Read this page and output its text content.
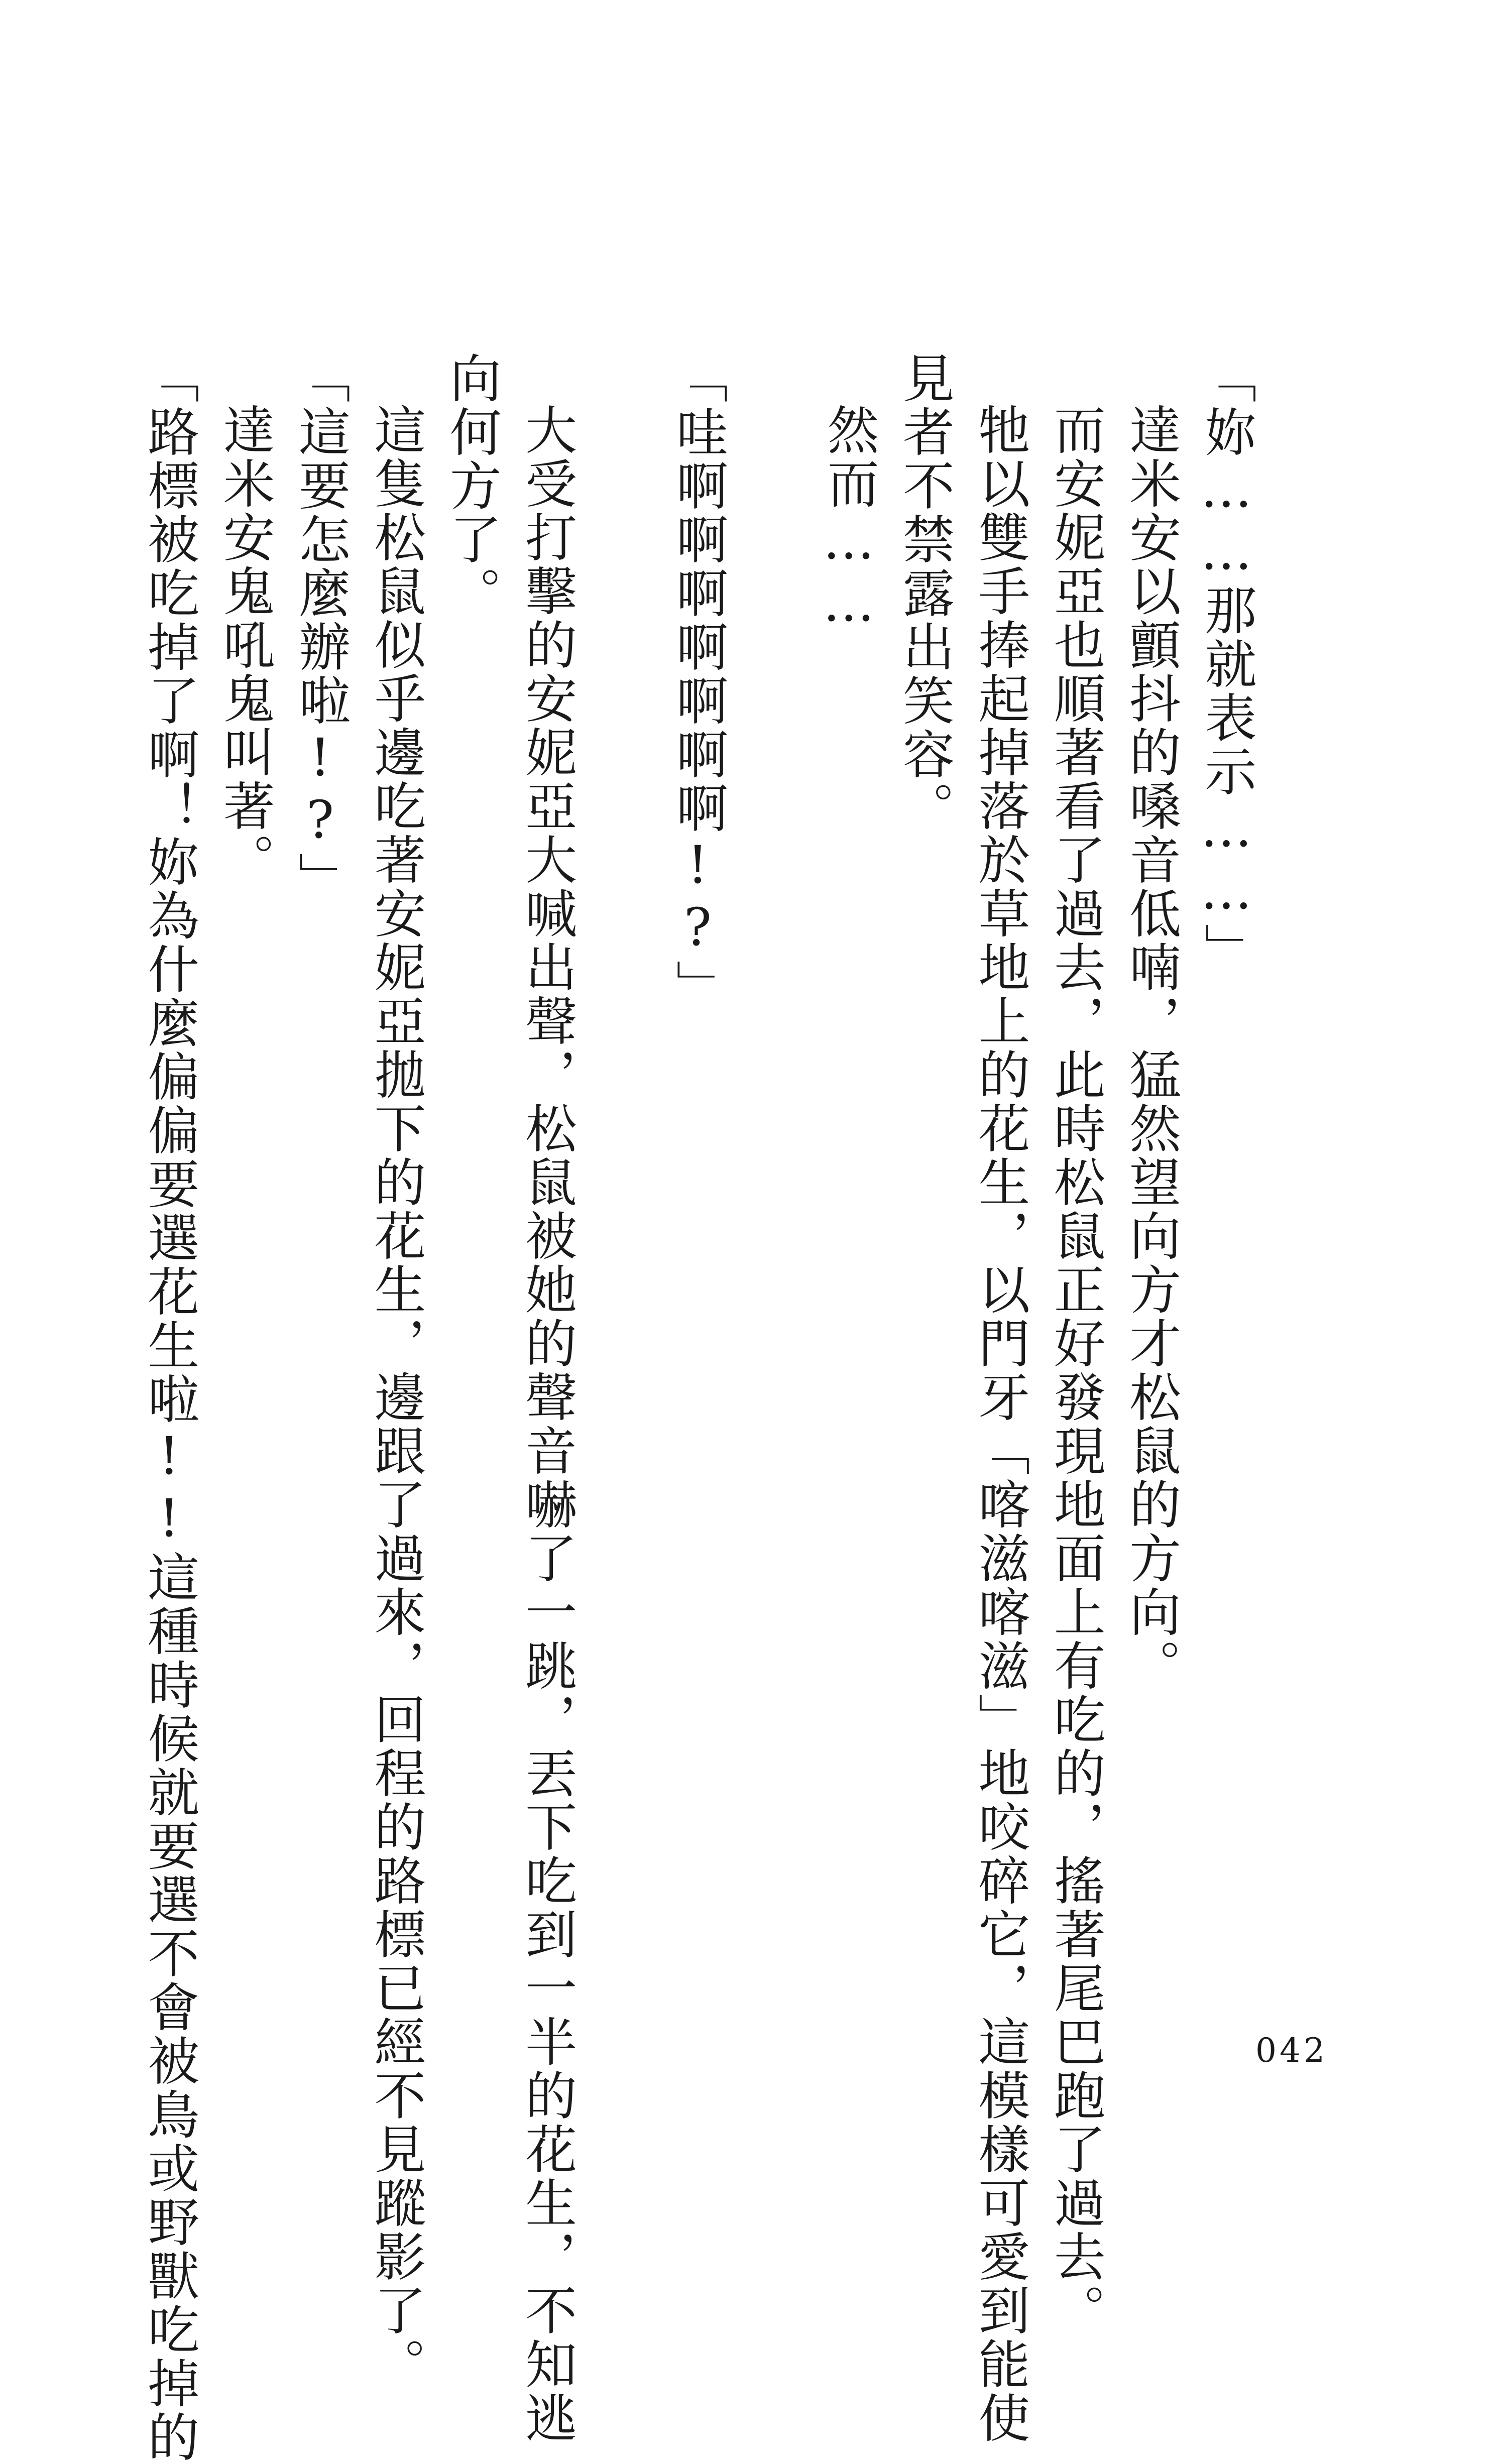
「妳……那就表示……」
達米安以顫抖的嗓音低喃，猛然望向方才松鼠的方向。
而安妮亞也順著看了過去，此時松鼠正好發現地面上有吃的，搖著尾巴跑了過去。
牠以雙手捧起掉落於草地上的花生，以門牙「喀滋喀滋」地咬碎它，這模樣可愛到能使
見者不禁露出笑容。
然而……
「哇啊啊啊啊啊啊啊!?」
大受打擊的安妮亞大喊出聲，松鼠被她的聲音嚇了一跳，丟下吃到一半的花生，不知逃
向何方了。
這隻松鼠似乎邊吃著安妮亞拋下的花生，邊跟了過來，回程的路標已經不見蹤影了。
「這要怎麼辦啦!?」
達米安鬼吼鬼叫著。
「路標被吃掉了啊！妳為什麼偏偏要選花生啦!!這種時候就要選不會被鳥或野獸吃掉的	042
